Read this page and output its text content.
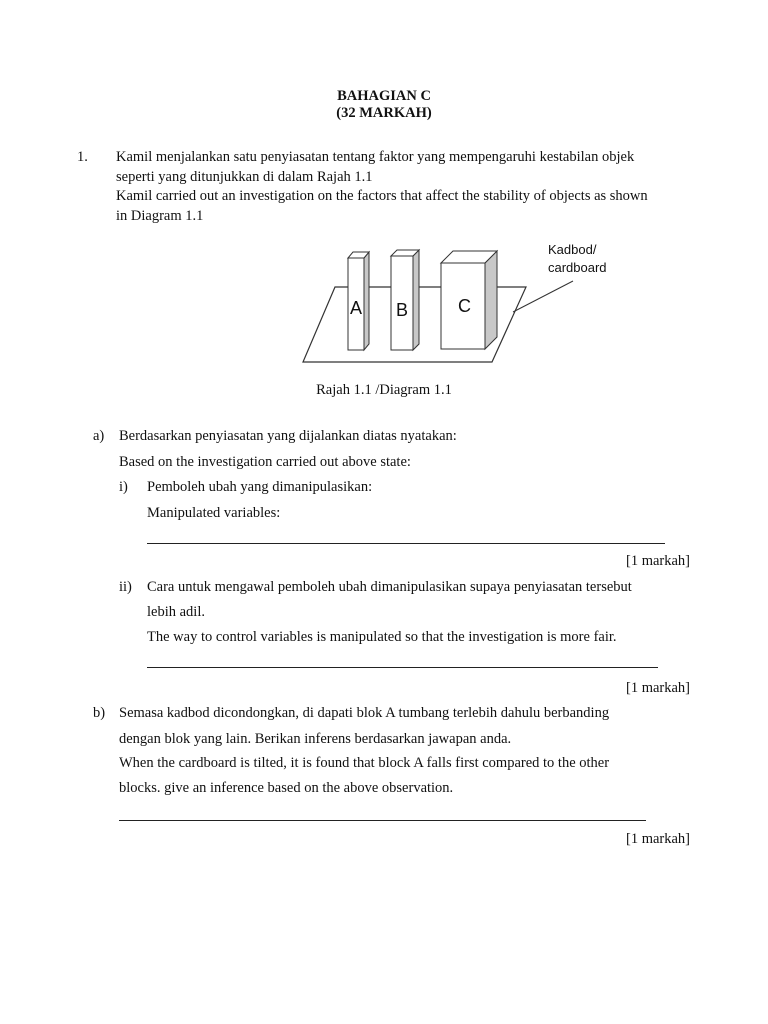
BAHAGIAN C
(32 MARKAH)
1. Kamil menjalankan satu penyiasatan tentang faktor yang mempengaruhi kestabilan objek
seperti yang ditunjukkan di dalam Rajah 1.1
Kamil carried out an investigation on the factors that affect the stability of objects as shown
in Diagram 1.1
A B	C
Kadbod/
cardboard
Rajah 1.1 /Diagram 1.1
a) Berdasarkan penyiasatan yang dijalankan diatas nyatakan:
Based on the investigation carried out above state:
i) Pemboleh ubah yang dimanipulasikan:
Manipulated variables:
[1 markah]
ii) Cara untuk mengawal pemboleh ubah dimanipulasikan supaya penyiasatan tersebut
lebih adil.
The way to control variables is manipulated so that the investigation is more fair.
[1 markah]
b) Semasa kadbod dicondongkan, di dapati blok A tumbang terlebih dahulu berbanding
dengan blok yang lain. Berikan inferens berdasarkan jawapan anda.
When the cardboard is tilted, it is found that block A falls first compared to the other
blocks. give an inference based on the above observation.
[1 markah]
